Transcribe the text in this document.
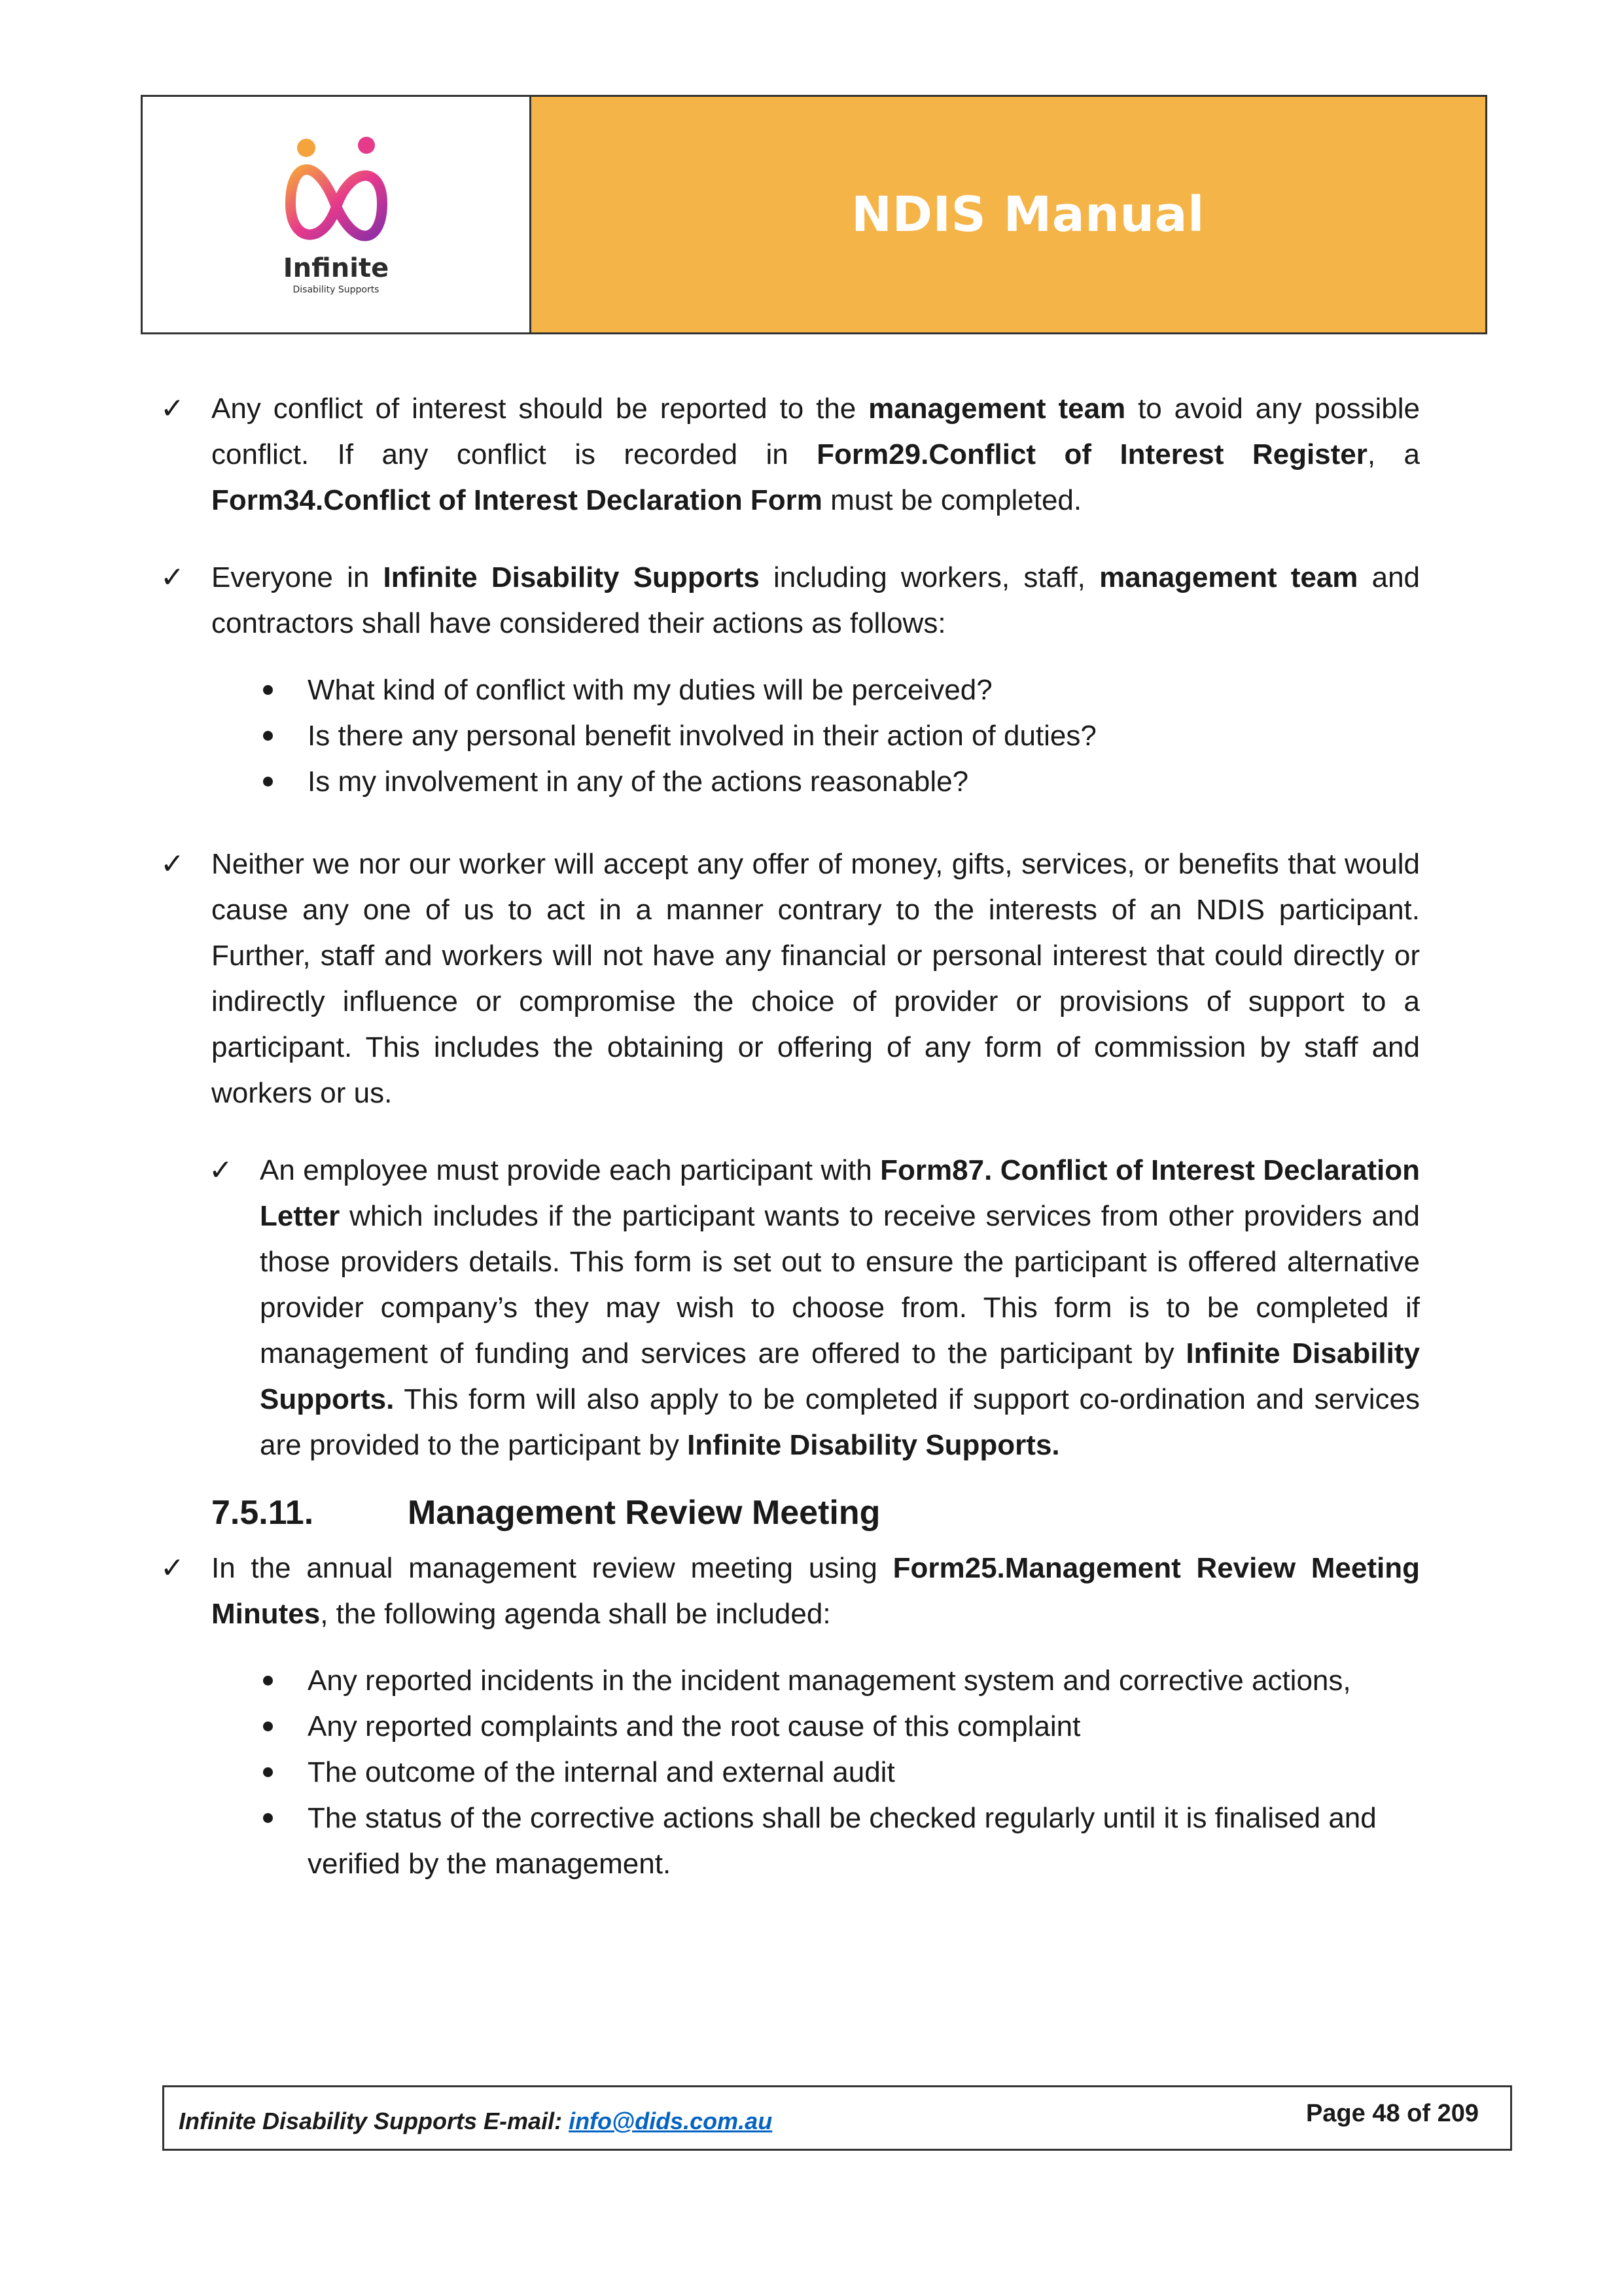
Infinite
Disability Supports
NDIS Manual
✓ Any conflict of interest should be reported to the management team to avoid any possible conflict. If any conflict is recorded in Form29.Conflict of Interest Register, a Form34.Conflict of Interest Declaration Form must be completed.
✓ Everyone in Infinite Disability Supports including workers, staff, management team and contractors shall have considered their actions as follows:
What kind of conflict with my duties will be perceived?
Is there any personal benefit involved in their action of duties?
Is my involvement in any of the actions reasonable?
✓ Neither we nor our worker will accept any offer of money, gifts, services, or benefits that would cause any one of us to act in a manner contrary to the interests of an NDIS participant. Further, staff and workers will not have any financial or personal interest that could directly or indirectly influence or compromise the choice of provider or provisions of support to a participant. This includes the obtaining or offering of any form of commission by staff and workers or us.
✓ An employee must provide each participant with Form87. Conflict of Interest Declaration Letter which includes if the participant wants to receive services from other providers and those providers details. This form is set out to ensure the participant is offered alternative provider company’s they may wish to choose from. This form is to be completed if management of funding and services are offered to the participant by Infinite Disability Supports. This form will also apply to be completed if support co-ordination and services are provided to the participant by Infinite Disability Supports.
7.5.11.	Management Review Meeting
✓ In the annual management review meeting using Form25.Management Review Meeting Minutes, the following agenda shall be included:
Any reported incidents in the incident management system and corrective actions,
Any reported complaints and the root cause of this complaint
The outcome of the internal and external audit
The status of the corrective actions shall be checked regularly until it is finalised and verified by the management.
Infinite Disability Supports E-mail: info@dids.com.au	Page 48 of 209
